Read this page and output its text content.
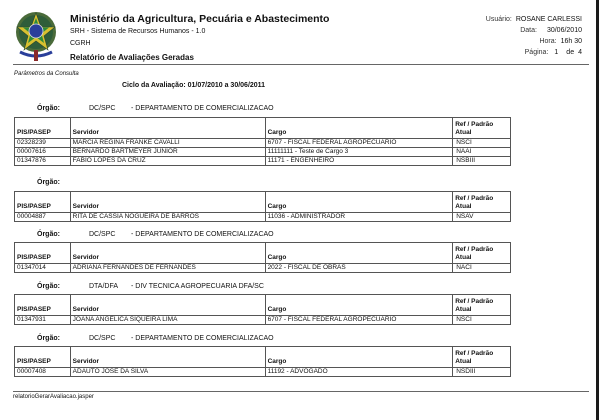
Ministério da Agricultura, Pecuária e Abastecimento
SRH - Sistema de Recursos Humanos - 1.0
CGRH
Relatório de Avaliações Geradas
Usuário: ROSANE CARLESSI
Data: 30/06/2010
Hora: 16h 30
Página: 1 de 4
Parâmetros da Consulta
Ciclo da Avaliação: 01/07/2010 a 30/06/2011
Órgão:	DC/SPC - DEPARTAMENTO DE COMERCIALIZACAO
PIS/PASEP	Servidor	Cargo	Ref / Padrão
Atual
02328239	MARCIA REGINA FRANKE CAVALLI	6707 - FISCAL FEDERAL AGROPECUARIO	NSCI
00007616	BERNARDO BARTMEYER JUNIOR	11111111 - Teste de Cargo 3	NAAI
01347876	FABIO LOPES DA CRUZ	11171 - ENGENHEIRO	NSBIII
Órgão:
PIS/PASEP	Servidor	Cargo	Ref / Padrão
Atual
00004887	RITA DE CASSIA NOGUEIRA DE BARROS	11036 - ADMINISTRADOR	NSAV
Órgão:	DC/SPC - DEPARTAMENTO DE COMERCIALIZACAO
PIS/PASEP	Servidor	Cargo	Ref / Padrão
Atual
01347014	ADRIANA FERNANDES DE FERNANDES	2022 - FISCAL DE OBRAS	NACI
Órgão:	DTA/DFA - DIV TECNICA AGROPECUARIA DFA/SC
PIS/PASEP	Servidor	Cargo	Ref / Padrão
Atual
01347931	JOANA ANGELICA SIQUEIRA LIMA	6707 - FISCAL FEDERAL AGROPECUARIO	NSCI
Órgão:	DC/SPC - DEPARTAMENTO DE COMERCIALIZACAO
PIS/PASEP	Servidor	Cargo	Ref / Padrão
Atual
00007408	ADAUTO JOSE DA SILVA	11192 - ADVOGADO	NSDIII
relatorioGerarAvaliacao.jasper
